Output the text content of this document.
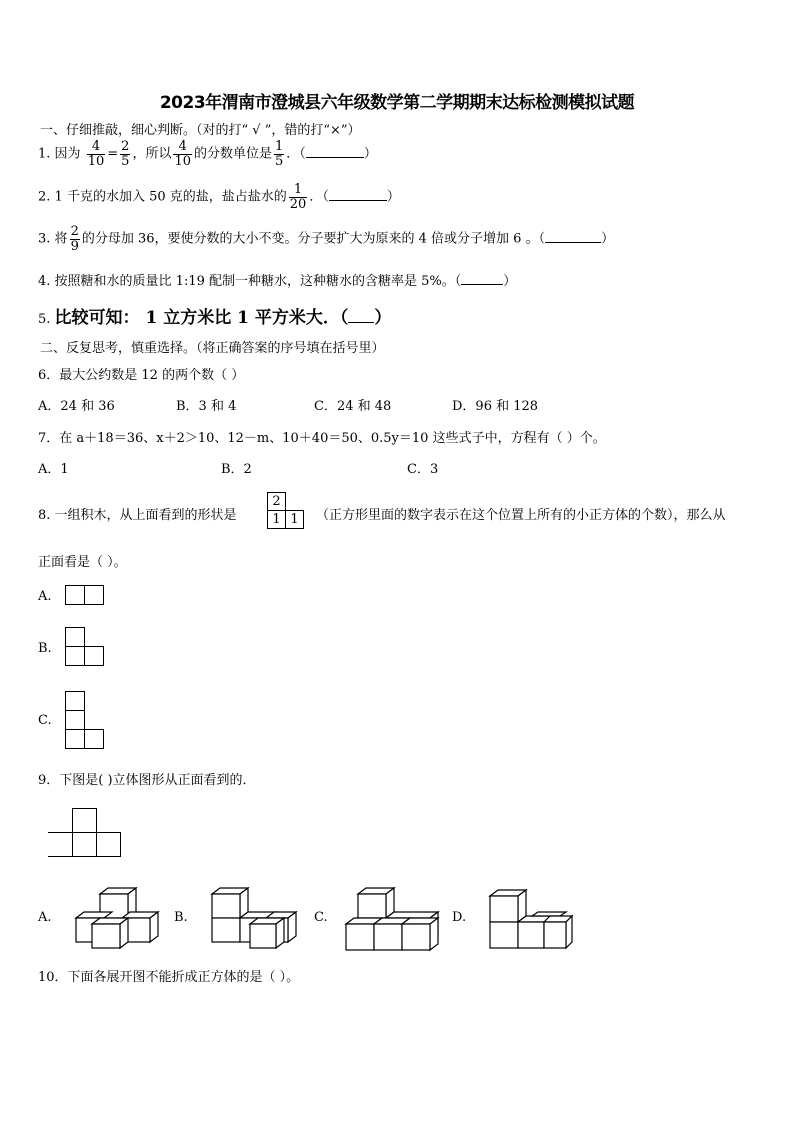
2023年渭南市澄城县六年级数学第二学期期末达标检测模拟试题
一、仔细推敲，细心判断。（对的打“ √ ”，错的打“×”）
1. 因为 $\frac{4}{10} = \frac{2}{5}$ ，所以 $\frac{4}{10}$ 的分数单位是 $\frac{1}{5}$ ．（	）
2. 1 千克的水加入 50 克的盐，盐占盐水的 $\frac{1}{20}$ ．（	）
3. 将 $\frac{2}{9}$ 的分母加 36，要使分数的大小不变。分子要扩大为原来的 4 倍或分子增加 6 。（	）
4. 按照糖和水的质量比 1:19 配制一种糖水，这种糖水的含糖率是 5%。（	）
5. 比较可知： 1 立方米比 1 平方米大．（ ）
二、反复思考，慎重选择。（将正确答案的序号填在括号里）
6．最大公约数是 12 的两个数（ ）
A．24 和 36	B．3 和 4	C．24 和 48	D．96 和 128
7．在 a＋18＝36、x＋2＞10、12－m、10＋40＝50、0.5y＝10 这些式子中，方程有（ ）个。
A．1	B．2	C．3
8. 一组积木，从上面看到的形状是
2
1 1	（正方形里面的数字表示在这个位置上所有的小正方体的个数），那么从
正面看是（ ）。
A.
B.
C.
9．下图是( )立体图形从正面看到的．
A.	B.	C.	D.
10．下面各展开图不能折成正方体的是（ ）。
